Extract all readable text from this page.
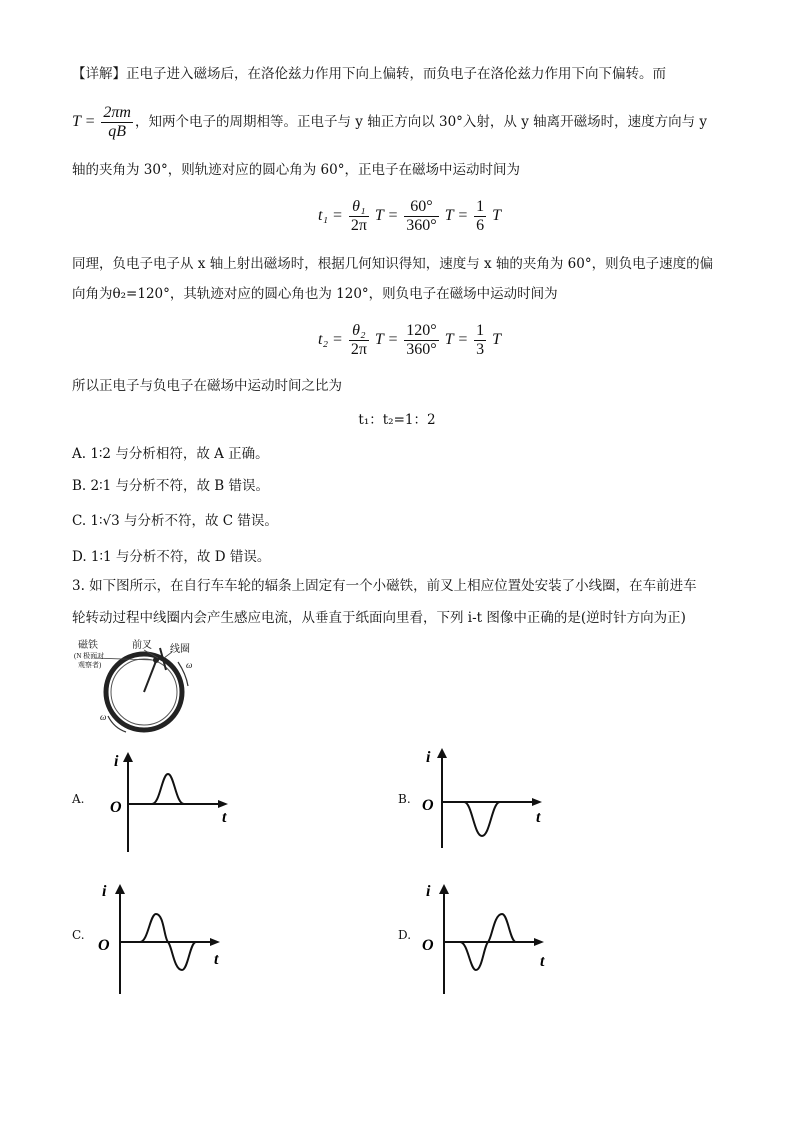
【详解】正电子进入磁场后，在洛伦兹力作用下向上偏转，而负电子在洛伦兹力作用下向下偏转。而
$T = \frac{2\pi m}{qB}$ ，知两个电子的周期相等。正电子与 y 轴正方向以 30°入射，从 y 轴离开磁场时，速度方向与 y
轴的夹角为 30°，则轨迹对应的圆心角为 60°，正电子在磁场中运动时间为
$t_1 = \frac{\text{θ₁}}{2\pi}$ $T = \frac{60^\circ}{360^\circ}$ $T = \frac{1}{6}$ T
同理，负电子电子从 x 轴上射出磁场时，根据几何知识得知，速度与 x 轴的夹角为 60°，则负电子速度的偏
向角为θ₂=120°，其轨迹对应的圆心角也为 120°，则负电子在磁场中运动时间为
$t_2 = \frac{\text{θ₂}}{2\pi}$ $T = \frac{120^\circ}{360^\circ}$ $T = \frac{1}{3}$ T
所以正电子与负电子在磁场中运动时间之比为
t₁：t₂=1：2
A. 1∶2 与分析相符，故 A 正确。
B. 2∶1 与分析不符，故 B 错误。
C. 1∶√3 与分析不符，故 C 错误。
D. 1∶1 与分析不符，故 D 错误。
3. 如下图所示，在自行车车轮的辐条上固定有一个小磁铁，前叉上相应位置处安装了小线圈，在车前进车
轮转动过程中线圈内会产生感应电流，从垂直于纸面向里看，下列 i-t 图像中正确的是(逆时针方向为正)
磁铁
(N 极面对
观察者)
前叉 线圈
ω
ω
A.
i
O
t
B.
i
O
t
C.
i
O
t
D.
i
O
t
